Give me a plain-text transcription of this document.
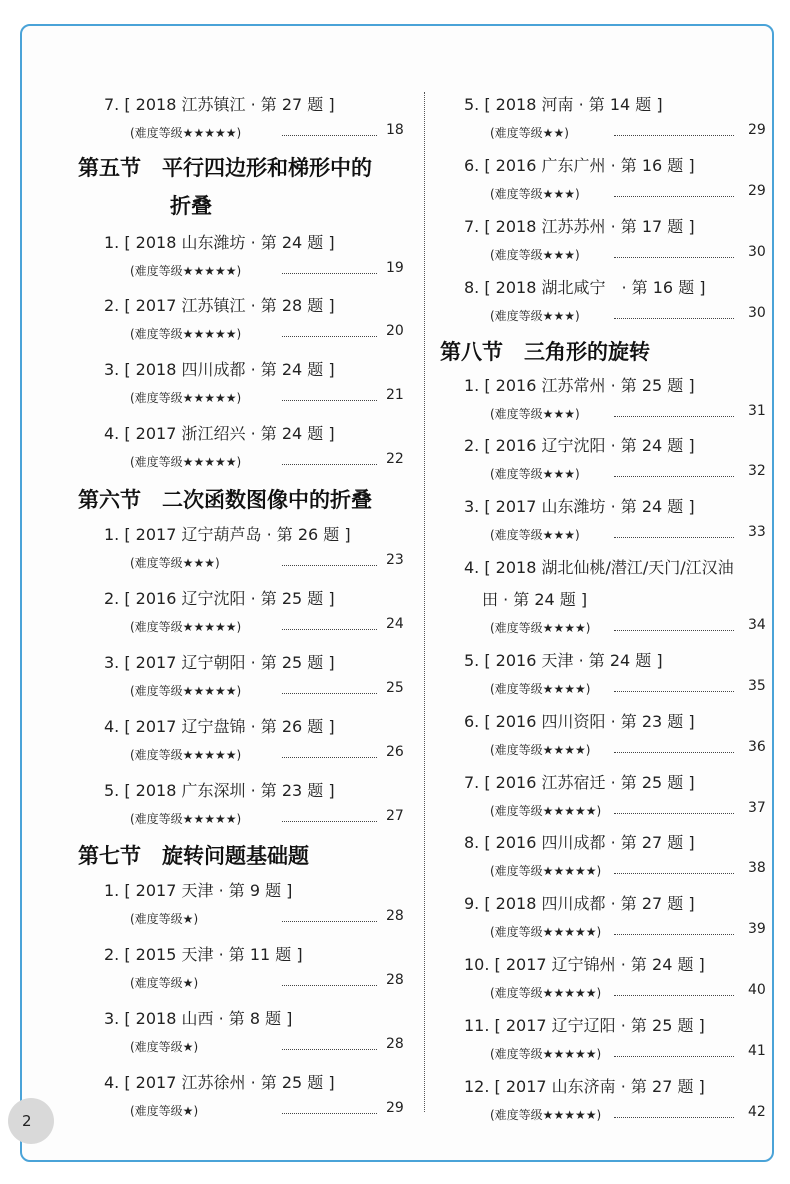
7. [ 2018 江苏镇江 · 第 27 题 ]
(难度等级★★★★★)	18
第五节　平行四边形和梯形中的
折叠
1. [ 2018 山东潍坊 · 第 24 题 ]
(难度等级★★★★★)	19
2. [ 2017 江苏镇江 · 第 28 题 ]
(难度等级★★★★★)	20
3. [ 2018 四川成都 · 第 24 题 ]
(难度等级★★★★★)	21
4. [ 2017 浙江绍兴 · 第 24 题 ]
(难度等级★★★★★)	22
第六节　二次函数图像中的折叠
1. [ 2017 辽宁葫芦岛 · 第 26 题 ]
(难度等级★★★)	23
2. [ 2016 辽宁沈阳 · 第 25 题 ]
(难度等级★★★★★)	24
3. [ 2017 辽宁朝阳 · 第 25 题 ]
(难度等级★★★★★)	25
4. [ 2017 辽宁盘锦 · 第 26 题 ]
(难度等级★★★★★)	26
5. [ 2018 广东深圳 · 第 23 题 ]
(难度等级★★★★★)	27
第七节　旋转问题基础题
1. [ 2017 天津 · 第 9 题 ]
(难度等级★)	28
2. [ 2015 天津 · 第 11 题 ]
(难度等级★)	28
3. [ 2018 山西 · 第 8 题 ]
(难度等级★)	28
4. [ 2017 江苏徐州 · 第 25 题 ]
(难度等级★)	29
5. [ 2018 河南 · 第 14 题 ]
(难度等级★★)	29
6. [ 2016 广东广州 · 第 16 题 ]
(难度等级★★★)	29
7. [ 2018 江苏苏州 · 第 17 题 ]
(难度等级★★★)	30
8. [ 2018 湖北咸宁　· 第 16 题 ]
(难度等级★★★)	30
第八节　三角形的旋转
1. [ 2016 江苏常州 · 第 25 题 ]
(难度等级★★★)	31
2. [ 2016 辽宁沈阳 · 第 24 题 ]
(难度等级★★★)	32
3. [ 2017 山东潍坊 · 第 24 题 ]
(难度等级★★★)	33
4. [ 2018 湖北仙桃/潜江/天门/江汉油
田 · 第 24 题 ]
(难度等级★★★★)	34
5. [ 2016 天津 · 第 24 题 ]
(难度等级★★★★)	35
6. [ 2016 四川资阳 · 第 23 题 ]
(难度等级★★★★)	36
7. [ 2016 江苏宿迁 · 第 25 题 ]
(难度等级★★★★★)	37
8. [ 2016 四川成都 · 第 27 题 ]
(难度等级★★★★★)	38
9. [ 2018 四川成都 · 第 27 题 ]
(难度等级★★★★★)	39
10. [ 2017 辽宁锦州 · 第 24 题 ]
(难度等级★★★★★)	40
11. [ 2017 辽宁辽阳 · 第 25 题 ]
(难度等级★★★★★)	41
12. [ 2017 山东济南 · 第 27 题 ]
(难度等级★★★★★)	42
2
